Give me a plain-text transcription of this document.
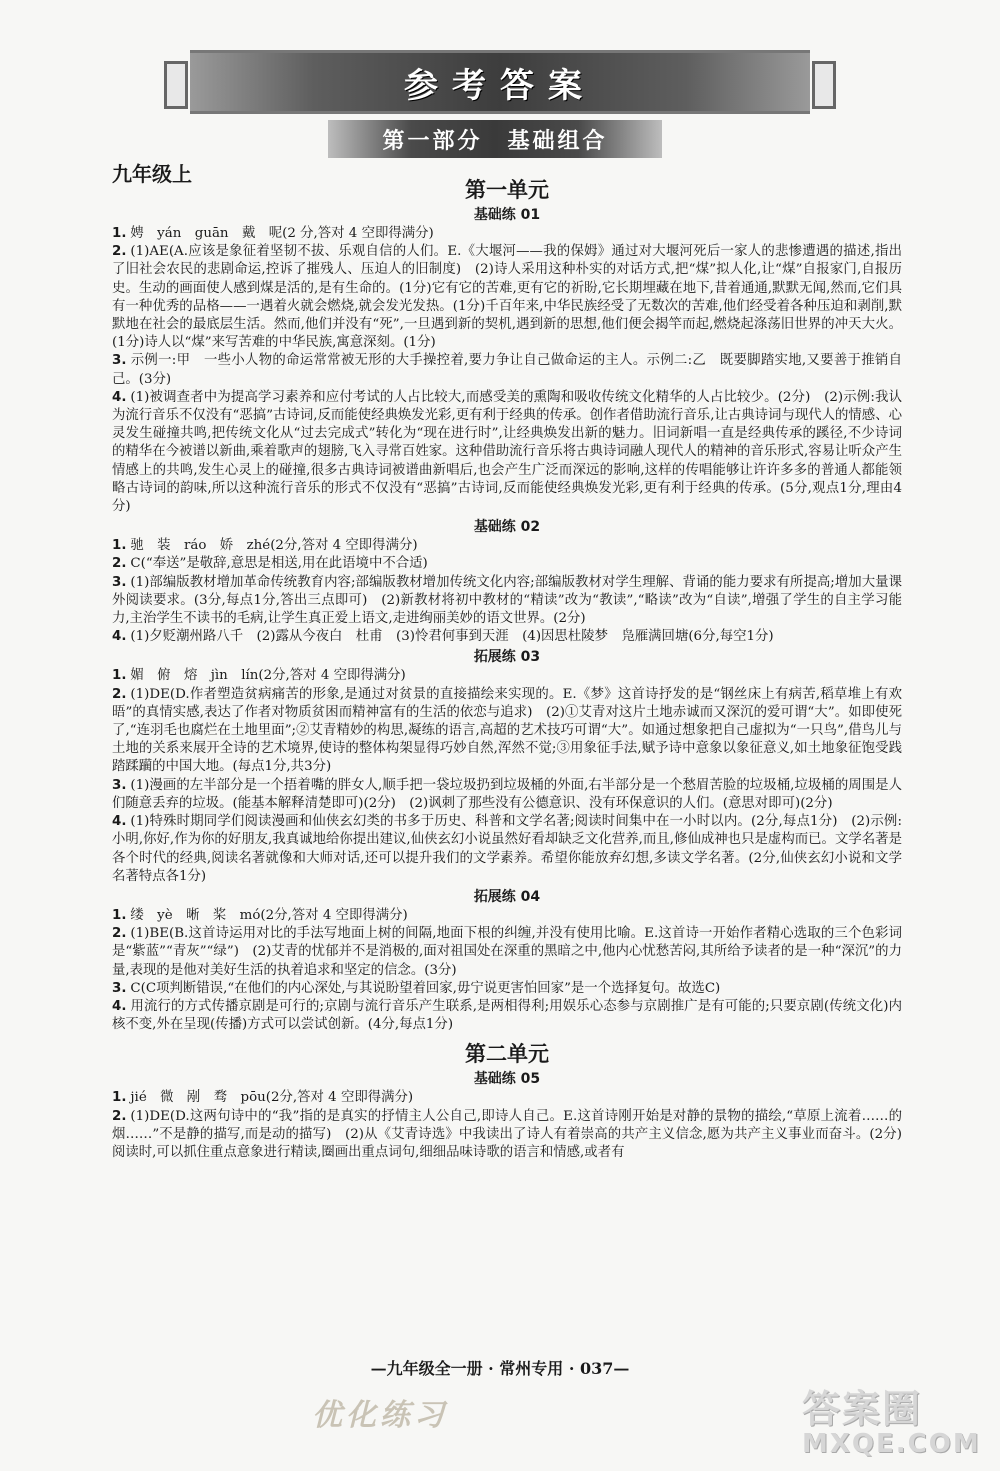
参考答案
第一部分　基础组合
九年级上
第一单元
基础练 01
1. 娉　yán　guān　戴　呢(2 分,答对 4 空即得满分)
2. (1)AE(A.应该是象征着坚韧不拔、乐观自信的人们。E.《大堰河——我的保姆》通过对大堰河死后一家人的悲惨遭遇的描述,指出了旧社会农民的悲剧命运,控诉了摧残人、压迫人的旧制度)　(2)诗人采用这种朴实的对话方式,把“煤”拟人化,让“煤”自报家门,自报历史。生动的画面使人感到煤是活的,是有生命的。(1分)它有它的苦难,更有它的祈盼,它长期埋藏在地下,昔着通通,默默无闻,然而,它们具有一种优秀的品格——一遇着火就会燃烧,就会发光发热。(1分)千百年来,中华民族经受了无数次的苦难,他们经受着各种压迫和剥削,默默地在社会的最底层生活。然而,他们并没有“死”,一旦遇到新的契机,遇到新的思想,他们便会揭竿而起,燃烧起涤荡旧世界的冲天大火。(1分)诗人以“煤”来写苦难的中华民族,寓意深刻。(1分)
3. 示例一:甲　一些小人物的命运常常被无形的大手操控着,要力争让自己做命运的主人。示例二:乙　既要脚踏实地,又要善于推销自己。(3分)
4. (1)被调查者中为提高学习素养和应付考试的人占比较大,而感受美的熏陶和吸收传统文化精华的人占比较少。(2分)　(2)示例:我认为流行音乐不仅没有“恶搞”古诗词,反而能使经典焕发光彩,更有利于经典的传承。创作者借助流行音乐,让古典诗词与现代人的情感、心灵发生碰撞共鸣,把传统文化从“过去完成式”转化为“现在进行时”,让经典焕发出新的魅力。旧词新唱一直是经典传承的蹊径,不少诗词的精华在今被谱以新曲,乘着歌声的翅膀,飞入寻常百姓家。这种借助流行音乐将古典诗词融人现代人的精神的音乐形式,容易让听众产生情感上的共鸣,发生心灵上的碰撞,很多古典诗词被谱曲新唱后,也会产生广泛而深远的影响,这样的传唱能够让许许多多的普通人都能领略古诗词的韵味,所以这种流行音乐的形式不仅没有“恶搞”古诗词,反而能使经典焕发光彩,更有利于经典的传承。(5分,观点1分,理由4分)
基础练 02
1. 驰　装　ráo　娇　zhé(2分,答对 4 空即得满分)
2. C(“奉送”是敬辞,意思是相送,用在此语境中不合适)
3. (1)部编版教材增加革命传统教育内容;部编版教材增加传统文化内容;部编版教材对学生理解、背诵的能力要求有所提高;增加大量课外阅读要求。(3分,每点1分,答出三点即可)　(2)新教材将初中教材的“精读”改为“教读”,“略读”改为“自读”,增强了学生的自主学习能力,主治学生不读书的毛病,让学生真正爱上语文,走进绚丽美妙的语文世界。(2分)
4. (1)夕贬潮州路八千　(2)露从今夜白　杜甫　(3)怜君何事到天涯　(4)因思杜陵梦　凫雁满回塘(6分,每空1分)
拓展练 03
1. 媚　俯　熔　jìn　lín(2分,答对 4 空即得满分)
2. (1)DE(D.作者塑造贫病痛苦的形象,是通过对贫景的直接描绘来实现的。E.《梦》这首诗抒发的是“钢丝床上有病苦,稻草堆上有欢晤”的真情实感,表达了作者对物质贫困而精神富有的生活的依恋与追求)　(2)①艾青对这片土地赤诚而又深沉的爱可谓“大”。如即使死了,“连羽毛也腐烂在土地里面”;②艾青精妙的构思,凝练的语言,高超的艺术技巧可谓“大”。如通过想象把自己虚拟为“一只鸟”,借鸟儿与土地的关系来展开全诗的艺术境界,使诗的整体构架显得巧妙自然,浑然不觉;③用象征手法,赋予诗中意象以象征意义,如土地象征饱受践踏蹂躏的中国大地。(每点1分,共3分)
3. (1)漫画的左半部分是一个捂着嘴的胖女人,顺手把一袋垃圾扔到垃圾桶的外面,右半部分是一个愁眉苦脸的垃圾桶,垃圾桶的周围是人们随意丢弃的垃圾。(能基本解释清楚即可)(2分)　(2)讽刺了那些没有公德意识、没有环保意识的人们。(意思对即可)(2分)
4. (1)特殊时期同学们阅读漫画和仙侠玄幻类的书多于历史、科普和文学名著;阅读时间集中在一小时以内。(2分,每点1分)　(2)示例:小明,你好,作为你的好朋友,我真诚地给你提出建议,仙侠玄幻小说虽然好看却缺乏文化营养,而且,修仙成神也只是虚构而已。文学名著是各个时代的经典,阅读名著就像和大师对话,还可以提升我们的文学素养。希望你能放弃幻想,多读文学名著。(2分,仙侠玄幻小说和文学名著特点各1分)
拓展练 04
1. 缕　yè　晰　桨　mó(2分,答对 4 空即得满分)
2. (1)BE(B.这首诗运用对比的手法写地面上树的间隔,地面下根的纠缠,并没有使用比喻。E.这首诗一开始作者精心选取的三个色彩词是“紫蓝”“青灰”“绿”)　(2)艾青的忧郁并不是消极的,面对祖国处在深重的黑暗之中,他内心忧愁苦闷,其所给予读者的是一种“深沉”的力量,表现的是他对美好生活的执着追求和坚定的信念。(3分)
3. C(C项判断错误,“在他们的内心深处,与其说盼望着回家,毋宁说更害怕回家”是一个选择复句。故选C)
4. 用流行的方式传播京剧是可行的;京剧与流行音乐产生联系,是两相得利;用娱乐心态参与京剧推广是有可能的;只要京剧(传统文化)内核不变,外在呈现(传播)方式可以尝试创新。(4分,每点1分)
第二单元
基础练 05
1. jié　微　剐　骛　pōu(2分,答对 4 空即得满分)
2. (1)DE(D.这两句诗中的“我”指的是真实的抒情主人公自己,即诗人自己。E.这首诗刚开始是对静的景物的描绘,“草原上流着……的烟……”不是静的描写,而是动的描写)　(2)从《艾青诗选》中我读出了诗人有着崇高的共产主义信念,愿为共产主义事业而奋斗。(2分)阅读时,可以抓住重点意象进行精读,圈画出重点词句,细细品味诗歌的语言和情感,或者有
—九年级全一册 · 常州专用 · 037—
优化练习	答案圈
MXQE.COM
